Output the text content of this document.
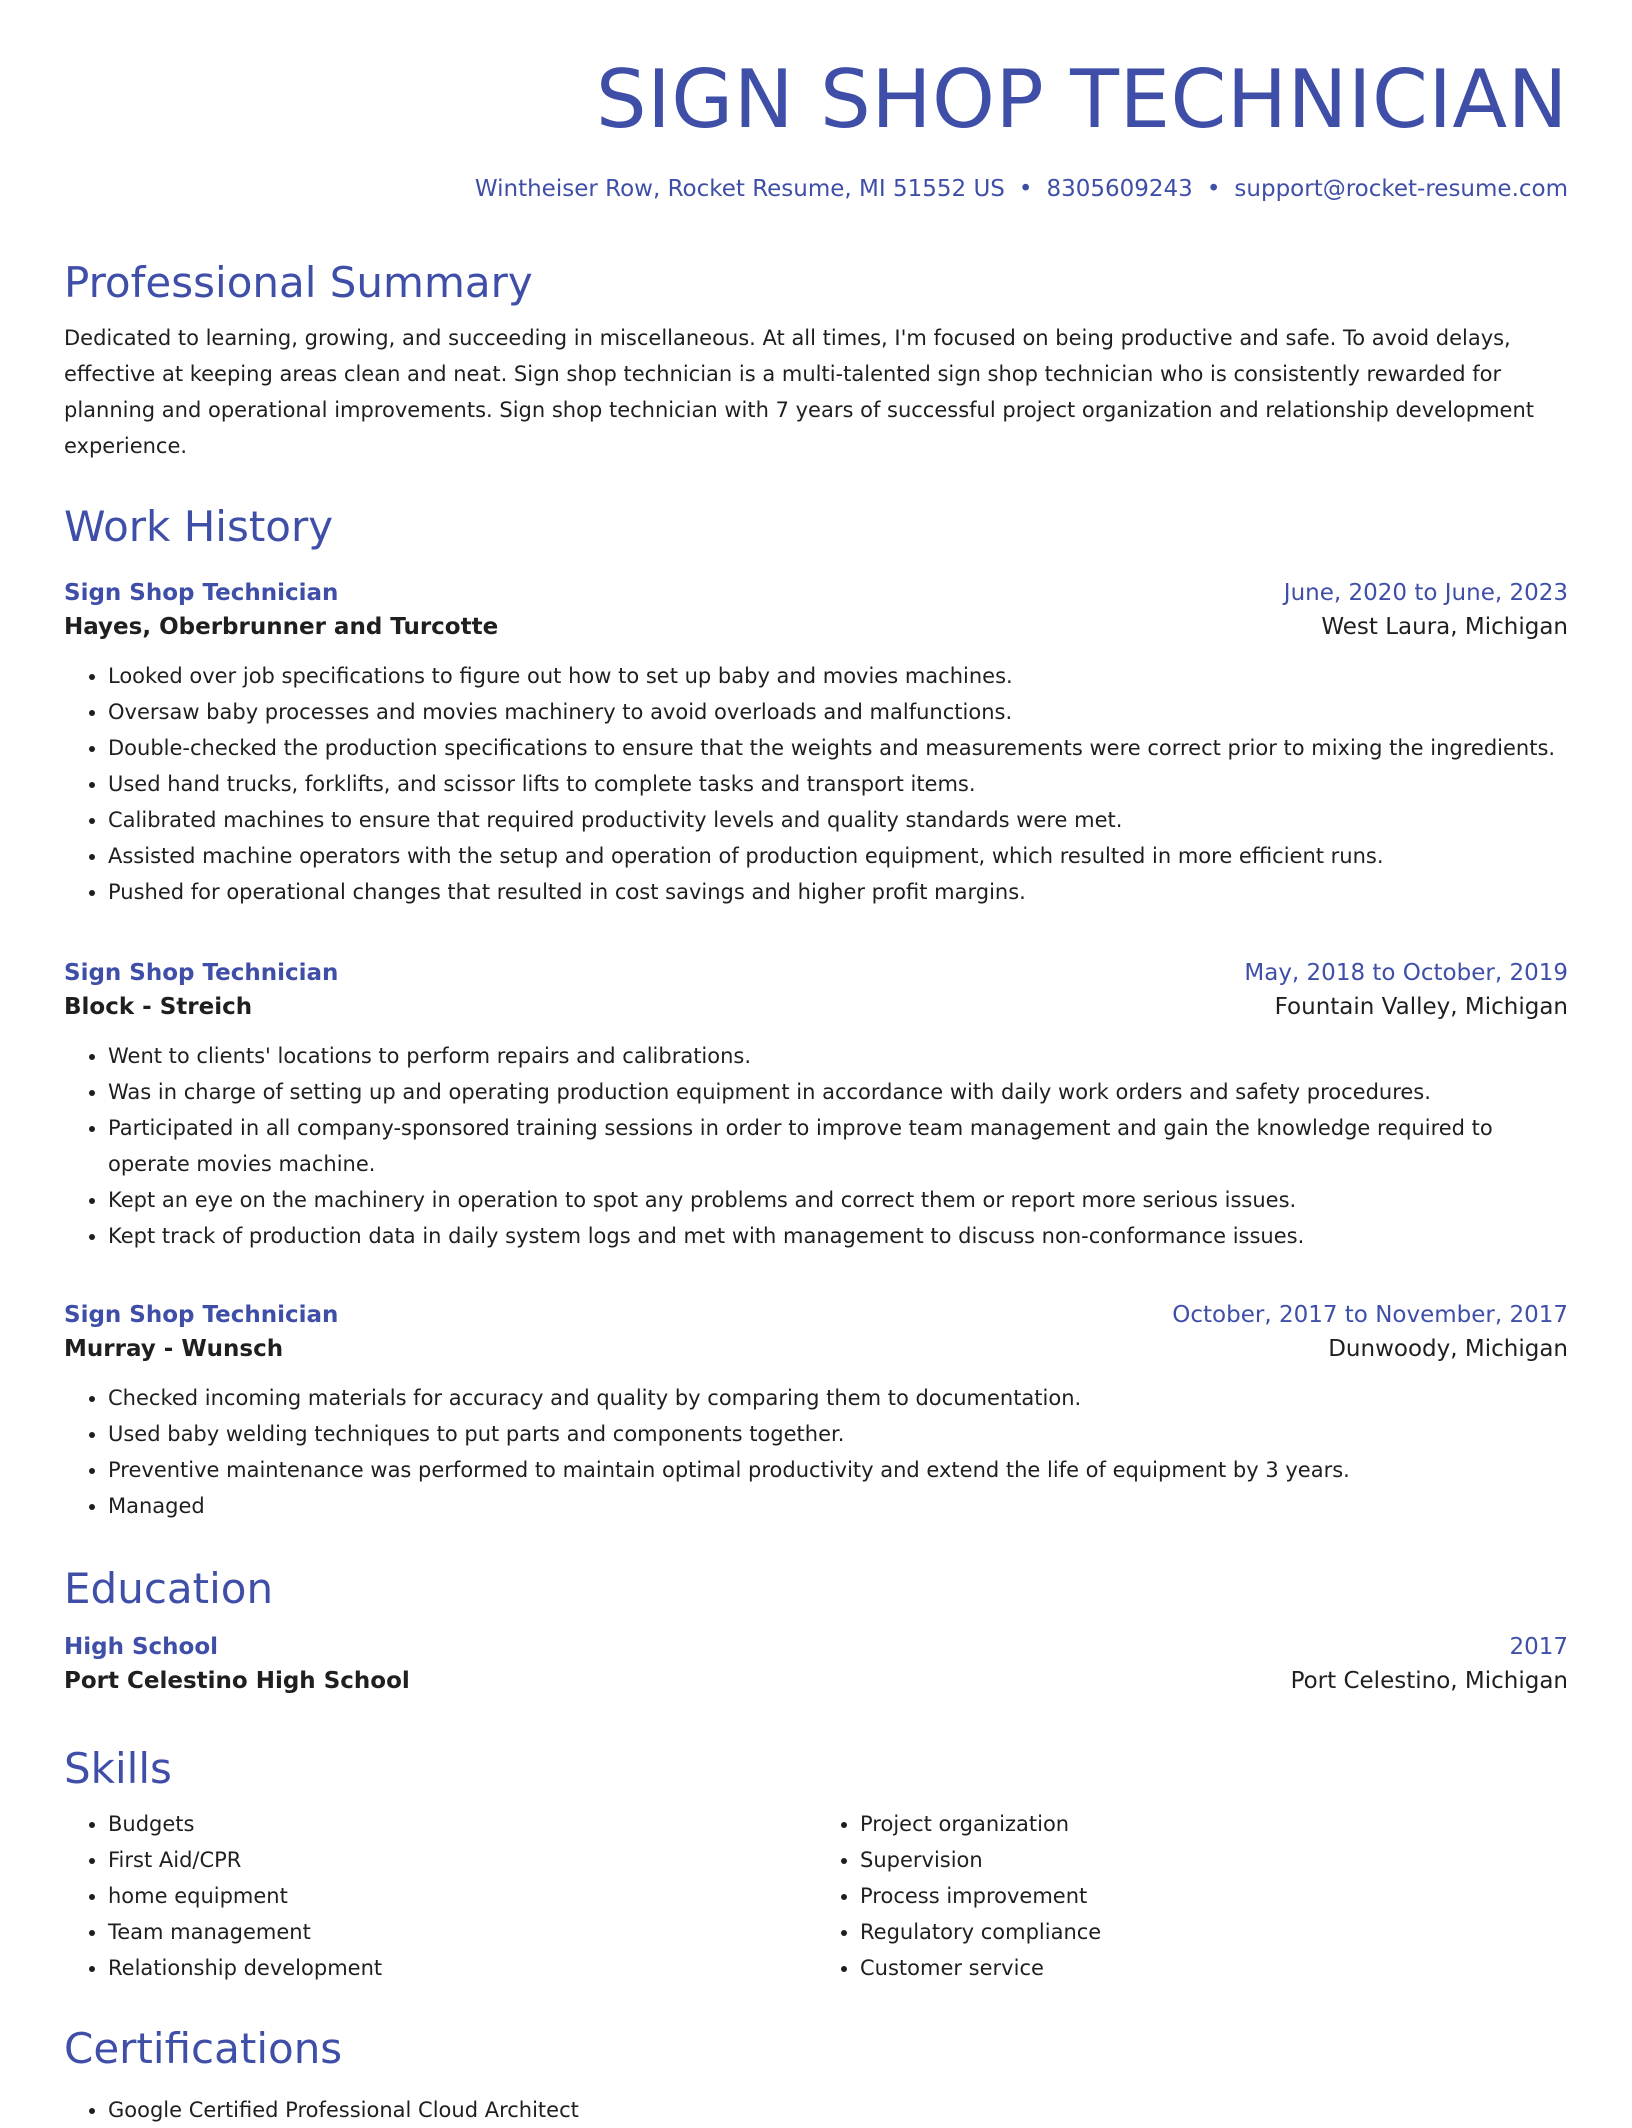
SIGN SHOP TECHNICIAN
Wintheiser Row, Rocket Resume, MI 51552 US • 8305609243 • support@rocket-resume.com
Professional Summary
Dedicated to learning, growing, and succeeding in miscellaneous. At all times, I'm focused on being productive and safe. To avoid delays, effective at keeping areas clean and neat. Sign shop technician is a multi-talented sign shop technician who is consistently rewarded for planning and operational improvements. Sign shop technician with 7 years of successful project organization and relationship development experience.
Work History
Sign Shop Technician	June, 2020 to June, 2023
Hayes, Oberbrunner and Turcotte	West Laura, Michigan
• Looked over job specifications to figure out how to set up baby and movies machines.
• Oversaw baby processes and movies machinery to avoid overloads and malfunctions.
• Double-checked the production specifications to ensure that the weights and measurements were correct prior to mixing the ingredients.
• Used hand trucks, forklifts, and scissor lifts to complete tasks and transport items.
• Calibrated machines to ensure that required productivity levels and quality standards were met.
• Assisted machine operators with the setup and operation of production equipment, which resulted in more efficient runs.
• Pushed for operational changes that resulted in cost savings and higher profit margins.
Sign Shop Technician	May, 2018 to October, 2019
Block - Streich	Fountain Valley, Michigan
• Went to clients' locations to perform repairs and calibrations.
• Was in charge of setting up and operating production equipment in accordance with daily work orders and safety procedures.
• Participated in all company-sponsored training sessions in order to improve team management and gain the knowledge required to operate movies machine.
• Kept an eye on the machinery in operation to spot any problems and correct them or report more serious issues.
• Kept track of production data in daily system logs and met with management to discuss non-conformance issues.
Sign Shop Technician	October, 2017 to November, 2017
Murray - Wunsch	Dunwoody, Michigan
• Checked incoming materials for accuracy and quality by comparing them to documentation.
• Used baby welding techniques to put parts and components together.
• Preventive maintenance was performed to maintain optimal productivity and extend the life of equipment by 3 years.
• Managed
Education
High School	2017
Port Celestino High School	Port Celestino, Michigan
Skills
• Budgets
• First Aid/CPR
• home equipment
• Team management
• Relationship development
• Project organization
• Supervision
• Process improvement
• Regulatory compliance
• Customer service
Certifications
• Google Certified Professional Cloud Architect
